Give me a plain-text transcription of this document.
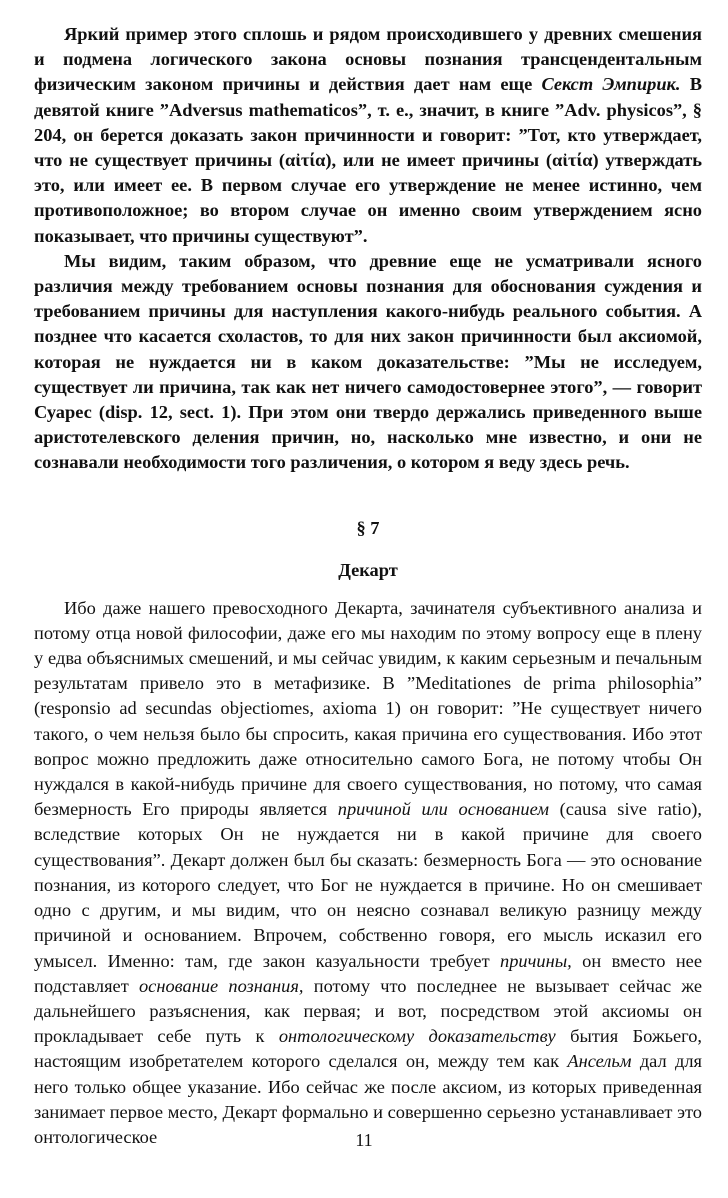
Яркий пример этого сплошь и рядом происходившего у древних смешения и подмена логического закона основы познания трансцендентальным физическим законом причины и действия дает нам еще Секст Эмпирик. В девятой книге ”Adversus mathematicos”, т. е., значит, в книге ”Adv. physicos”, § 204, он берется доказать закон причинности и говорит: ”Тот, кто утверждает, что не существует причины (αἰτία), или не имеет причины (αἰτία) утверждать это, или имеет ее. В первом случае его утверждение не менее истинно, чем противоположное; во втором случае он именно своим утверждением ясно показывает, что причины существуют”.

Мы видим, таким образом, что древние еще не усматривали ясного различия между требованием основы познания для обоснования суждения и требованием причины для наступления какого-нибудь реального события. А позднее что касается схоластов, то для них закон причинности был аксиомой, которая не нуждается ни в каком доказательстве: ”Мы не исследуем, существует ли причина, так как нет ничего самодостовернее этого”, — говорит Суарес (disp. 12, sect. 1). При этом они твердо держались приведенного выше аристотелевского деления причин, но, насколько мне известно, и они не сознавали необходимости того различения, о котором я веду здесь речь.

§ 7
Декарт

Ибо даже нашего превосходного Декарта, зачинателя субъективного анализа и потому отца новой философии, даже его мы находим по этому вопросу еще в плену у едва объяснимых смешений, и мы сейчас увидим, к каким серьезным и печальным результатам привело это в метафизике. В ”Meditationes de prima philosophia” (responsio ad secundas objectiomes, axioma 1) он говорит: ”Не существует ничего такого, о чем нельзя было бы спросить, какая причина его существования. Ибо этот вопрос можно предложить даже относительно самого Бога, не потому чтобы Он нуждался в какой-нибудь причине для своего существования, но потому, что самая безмерность Его природы является причиной или основанием (causa sive ratio), вследствие которых Он не нуждается ни в какой причине для своего существования”. Декарт должен был бы сказать: безмерность Бога — это основание познания, из которого следует, что Бог не нуждается в причине. Но он смешивает одно с другим, и мы видим, что он неясно сознавал великую разницу между причиной и основанием. Впрочем, собственно говоря, его мысль исказил его умысел. Именно: там, где закон казуальности требует причины, он вместо нее подставляет основание познания, потому что последнее не вызывает сейчас же дальнейшего разъяснения, как первая; и вот, посредством этой аксиомы он прокладывает себе путь к онтологическому доказательству бытия Божьего, настоящим изобретателем которого сделался он, между тем как Ансельм дал для него только общее указание. Ибо сейчас же после аксиом, из которых приведенная занимает первое место, Декарт формально и совершенно серьезно устанавливает это онтологическое	11
